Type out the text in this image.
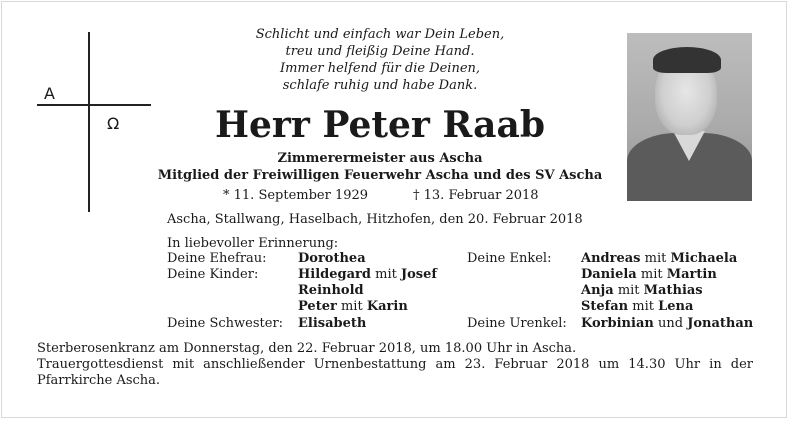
A
Ω
Schlicht und einfach war Dein Leben,
treu und fleißig Deine Hand.
Immer helfend für die Deinen,
schlafe ruhig und habe Dank.
Herr Peter Raab
Zimmerermeister aus Ascha
Mitglied der Freiwilligen Feuerwehr Ascha und des SV Ascha
* 11. September 1929	† 13. Februar 2018
Ascha, Stallwang, Haselbach, Hitzhofen, den 20. Februar 2018
In liebevoller Erinnerung:
Deine Ehefrau: Dorothea
Deine Kinder:	Hildegard mit Josef
Reinhold
Peter mit Karin
Deine Schwester: Elisabeth
Deine Enkel: Andreas mit Michaela
Daniela mit Martin
Anja mit Mathias
Stefan mit Lena
Deine Urenkel: Korbinian und Jonathan
Sterberosenkranz am Donnerstag, den 22. Februar 2018, um 18.00 Uhr in Ascha.
Trauergottesdienst mit anschließender Urnenbestattung am 23. Februar 2018 um 14.30 Uhr in der Pfarrkirche Ascha.
